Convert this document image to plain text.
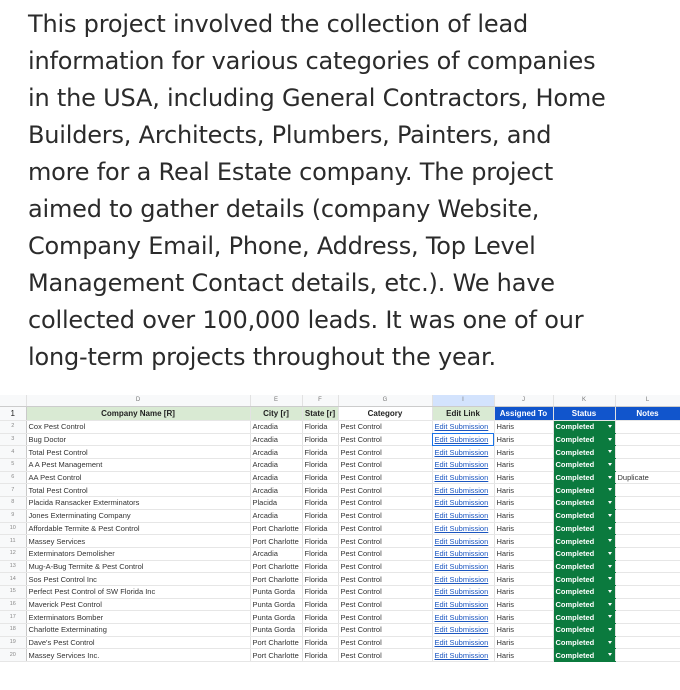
This project involved the collection of lead
information for various categories of companies
in the USA, including General Contractors, Home
Builders, Architects, Plumbers, Painters, and
more for a Real Estate company. The project
aimed to gather details (company Website,
Company Email, Phone, Address, Top Level
Management Contact details, etc.). We have
collected over 100,000 leads. It was one of our
long-term projects throughout the year.
	D	E	F	G	I	J	K	L
1	Company Name [R]	City [r]	State [r]	Category	Edit Link	Assigned To	Status	Notes
2	Cox Pest Control	Arcadia	Florida	Pest Control	Edit Submission	Haris	Completed

3	Bug Doctor	Arcadia	Florida	Pest Control	Edit Submission	Haris	Completed

4	Total Pest Control	Arcadia	Florida	Pest Control	Edit Submission	Haris	Completed

5	A A Pest Management	Arcadia	Florida	Pest Control	Edit Submission	Haris	Completed

6	AA Pest Control	Arcadia	Florida	Pest Control	Edit Submission	Haris	Completed	Duplicate
7	Total Pest Control	Arcadia	Florida	Pest Control	Edit Submission	Haris	Completed

8	Placida Ransacker Exterminators	Placida	Florida	Pest Control	Edit Submission	Haris	Completed

9	Jones Exterminating Company	Arcadia	Florida	Pest Control	Edit Submission	Haris	Completed

10	Affordable Termite & Pest Control	Port Charlotte	Florida	Pest Control	Edit Submission	Haris	Completed

11	Massey Services	Port Charlotte	Florida	Pest Control	Edit Submission	Haris	Completed

12	Exterminators Demolisher	Arcadia	Florida	Pest Control	Edit Submission	Haris	Completed

13	Mug-A-Bug Termite & Pest Control	Port Charlotte	Florida	Pest Control	Edit Submission	Haris	Completed

14	Sos Pest Control Inc	Port Charlotte	Florida	Pest Control	Edit Submission	Haris	Completed

15	Perfect Pest Control of SW Florida Inc	Punta Gorda	Florida	Pest Control	Edit Submission	Haris	Completed

16	Maverick Pest Control	Punta Gorda	Florida	Pest Control	Edit Submission	Haris	Completed

17	Exterminators Bomber	Punta Gorda	Florida	Pest Control	Edit Submission	Haris	Completed

18	Charlotte Exterminating	Punta Gorda	Florida	Pest Control	Edit Submission	Haris	Completed

19	Dave's Pest Control	Port Charlotte	Florida	Pest Control	Edit Submission	Haris	Completed

20	Massey Services Inc.	Port Charlotte	Florida	Pest Control	Edit Submission	Haris	Completed
